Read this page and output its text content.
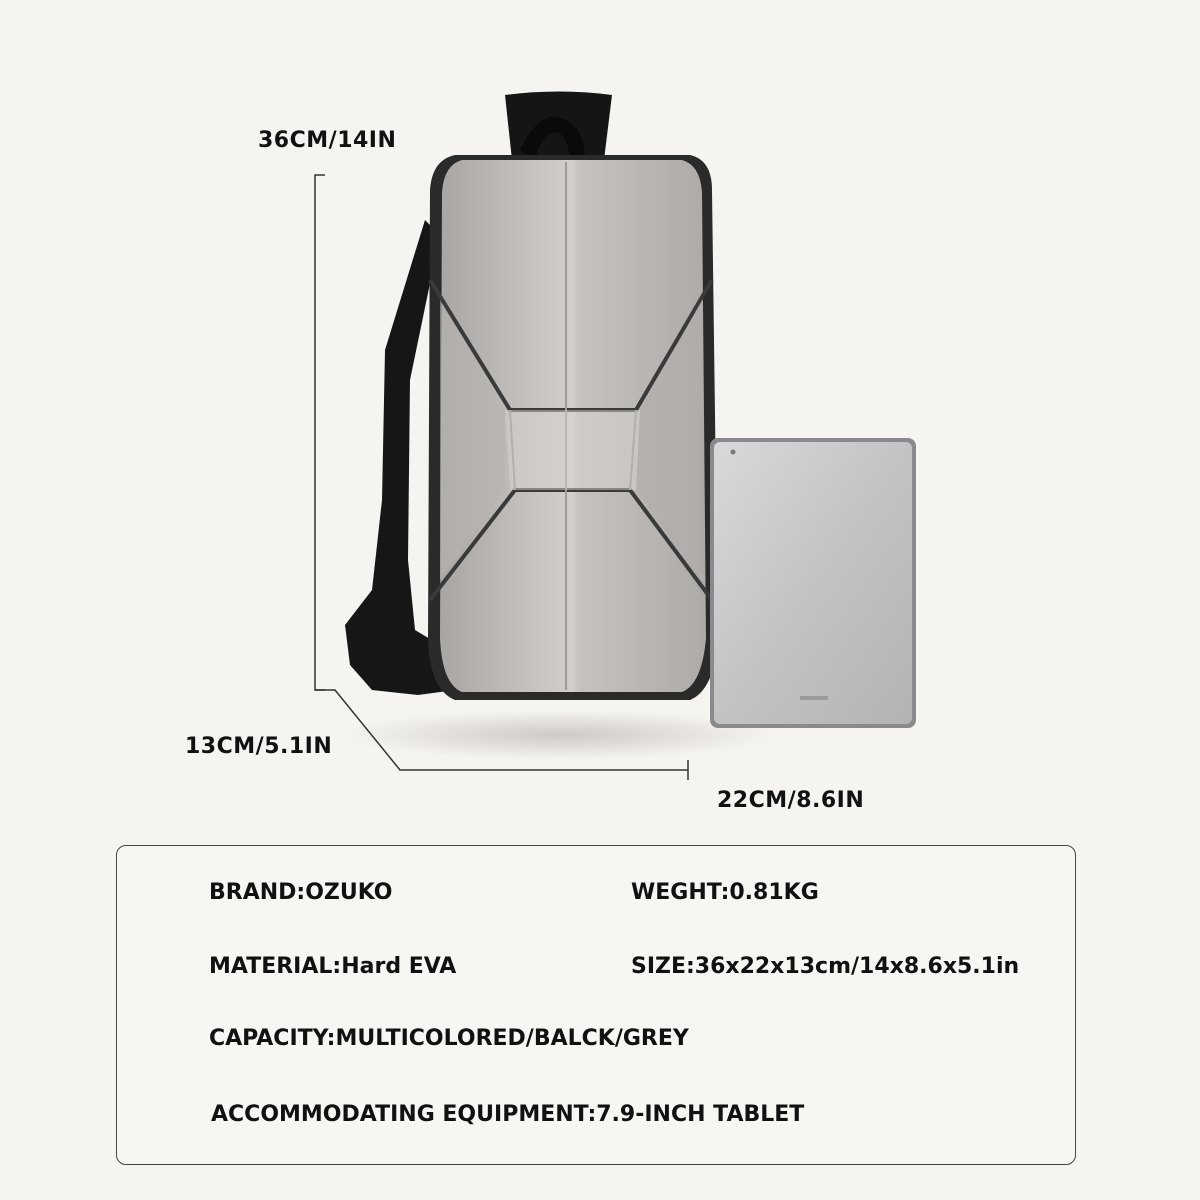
36CM/14IN
13CM/5.1IN
22CM/8.6IN
BRAND:OZUKO	WEGHT:0.81KG
MATERIAL:Hard EVA	SIZE:36x22x13cm/14x8.6x5.1in
CAPACITY:MULTICOLORED/BALCK/GREY
ACCOMMODATING EQUIPMENT:7.9-INCH TABLET
